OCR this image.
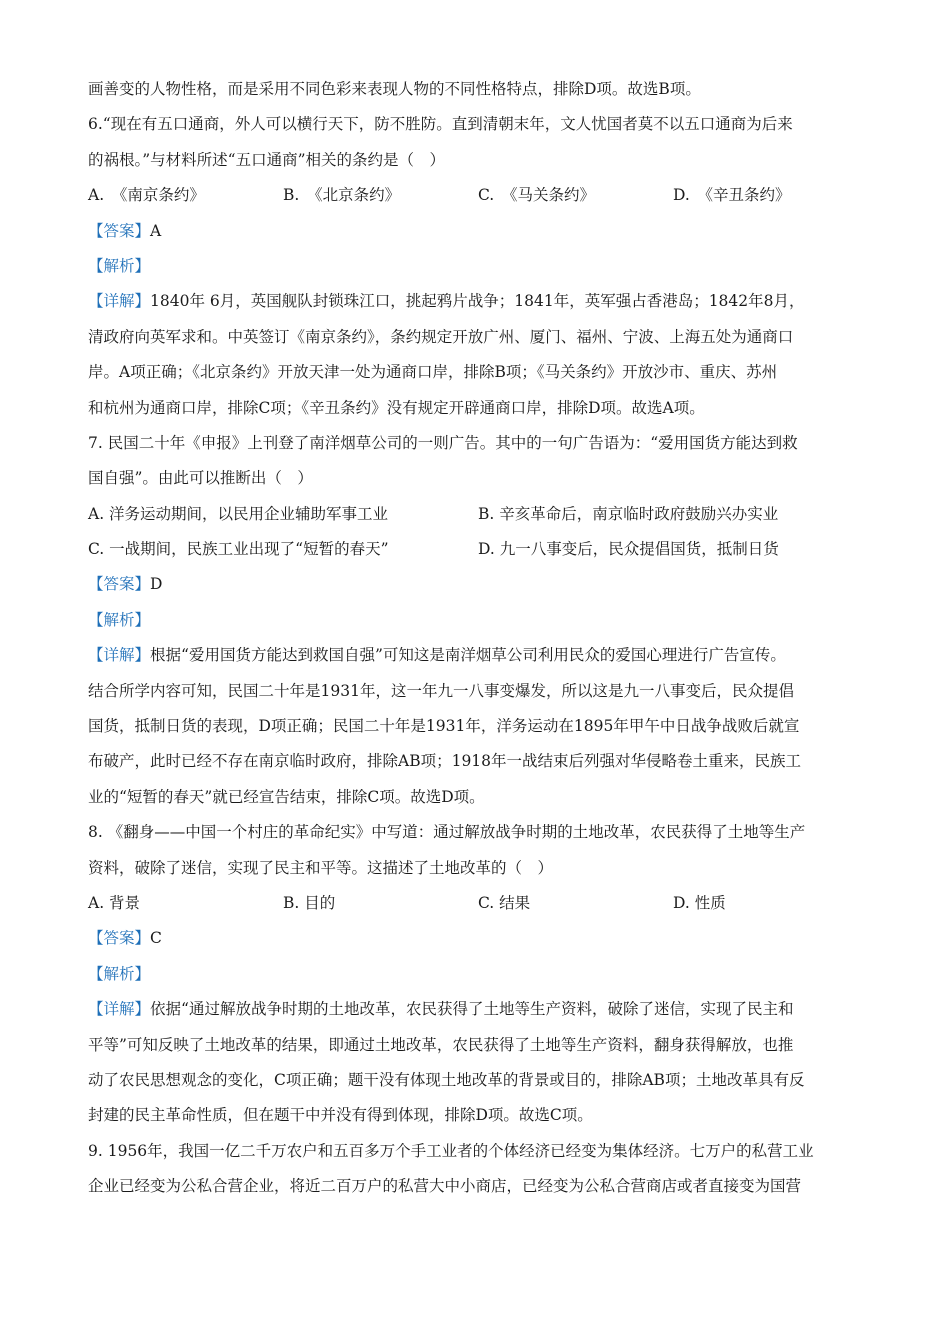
画善变的人物性格，而是采用不同色彩来表现人物的不同性格特点，排除D项。故选B项。
6.“现在有五口通商，外人可以横行天下，防不胜防。直到清朝末年，文人忧国者莫不以五口通商为后来
的祸根。”与材料所述“五口通商”相关的条约是（　）
A.　《南京条约》	B.　《北京条约》	C.　《马关条约》	D.　《辛丑条约》
【答案】A
【解析】
【详解】1840年 6月，英国舰队封锁珠江口，挑起鸦片战争；1841年，英军强占香港岛；1842年8月，
清政府向英军求和。中英签订《南京条约》，条约规定开放广州、厦门、福州、宁波、上海五处为通商口
岸。A项正确；《北京条约》开放天津一处为通商口岸，排除B项；《马关条约》开放沙市、重庆、苏州
和杭州为通商口岸，排除C项；《辛丑条约》没有规定开辟通商口岸，排除D项。故选A项。
7. 民国二十年《申报》上刊登了南洋烟草公司的一则广告。其中的一句广告语为：“爱用国货方能达到救
国自强”。由此可以推断出（　）
A. 洋务运动期间，以民用企业辅助军事工业	B. 辛亥革命后，南京临时政府鼓励兴办实业
C. 一战期间，民族工业出现了“短暂的春天”	D. 九一八事变后，民众提倡国货，抵制日货
【答案】D
【解析】
【详解】根据“爱用国货方能达到救国自强”可知这是南洋烟草公司利用民众的爱国心理进行广告宣传。
结合所学内容可知，民国二十年是1931年，这一年九一八事变爆发，所以这是九一八事变后，民众提倡
国货，抵制日货的表现，D项正确；民国二十年是1931年，洋务运动在1895年甲午中日战争战败后就宣
布破产，此时已经不存在南京临时政府，排除AB项；1918年一战结束后列强对华侵略卷土重来，民族工
业的“短暂的春天”就已经宣告结束，排除C项。故选D项。
8. 《翻身——中国一个村庄的革命纪实》中写道：通过解放战争时期的土地改革，农民获得了土地等生产
资料，破除了迷信，实现了民主和平等。这描述了土地改革的（　）
A. 背景	B. 目的	C. 结果	D. 性质
【答案】C
【解析】
【详解】依据“通过解放战争时期的土地改革，农民获得了土地等生产资料，破除了迷信，实现了民主和
平等”可知反映了土地改革的结果，即通过土地改革，农民获得了土地等生产资料，翻身获得解放，也推
动了农民思想观念的变化，C项正确；题干没有体现土地改革的背景或目的，排除AB项；土地改革具有反
封建的民主革命性质，但在题干中并没有得到体现，排除D项。故选C项。
9. 1956年，我国一亿二千万农户和五百多万个手工业者的个体经济已经变为集体经济。七万户的私营工业
企业已经变为公私合营企业，将近二百万户的私营大中小商店，已经变为公私合营商店或者直接变为国营
